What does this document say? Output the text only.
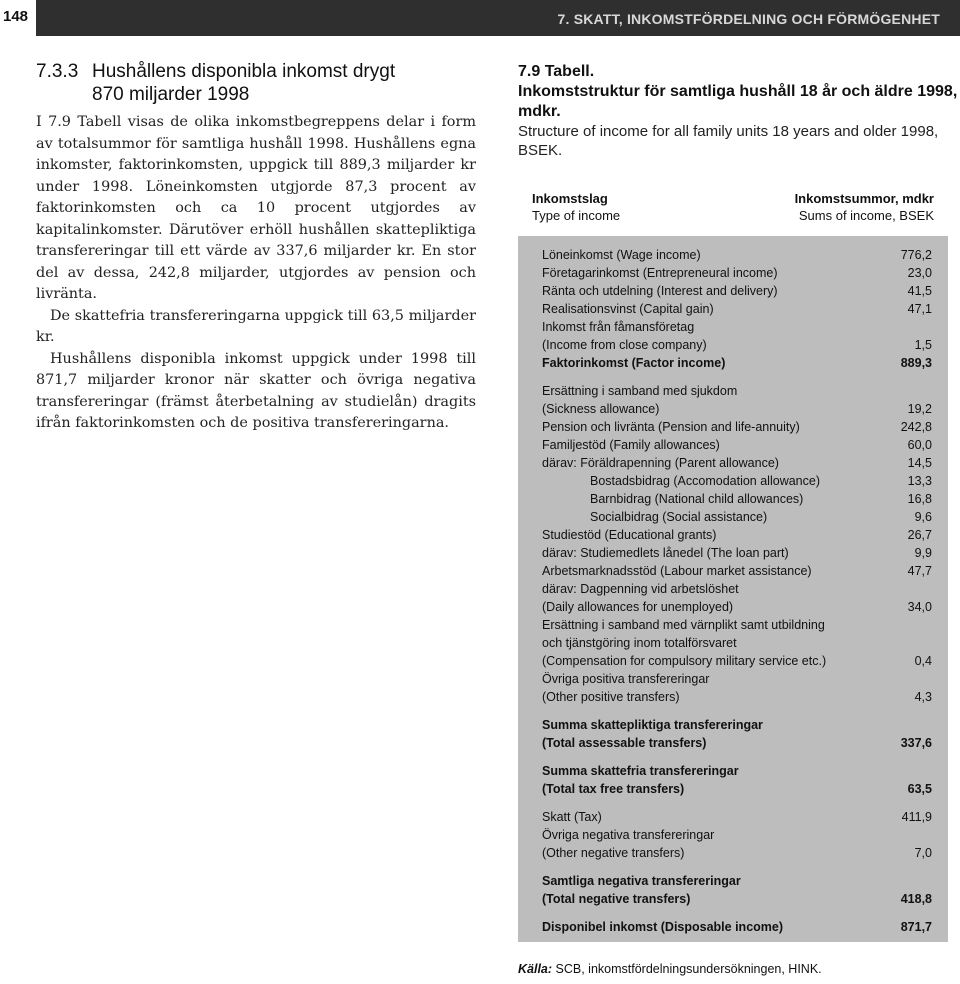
148	7. SKATT, INKOMSTFÖRDELNING OCH FÖRMÖGENHET
7.3.3 Hushållens disponibla inkomst drygt
870 miljarder 1998

I 7.9 Tabell visas de olika inkomstbegreppens delar i form av totalsummor för samtliga hushåll 1998. Hushållens egna inkomster, faktorinkomsten, uppgick till 889,3 miljarder kr under 1998. Löneinkomsten utgjorde 87,3 procent av faktorinkomsten och ca 10 procent utgjordes av kapitalinkomster. Därutöver erhöll hushållen skattepliktiga transfereringar till ett värde av 337,6 miljarder kr. En stor del av dessa, 242,8 miljarder, utgjordes av pension och livränta.

De skattefria transfereringarna uppgick till 63,5 miljarder kr.

Hushållens disponibla inkomst uppgick under 1998 till 871,7 miljarder kronor när skatter och övriga negativa transfereringar (främst återbetalning av studielån) dragits ifrån faktorinkomsten och de positiva transfereringarna.

7.9 Tabell.
Inkomststruktur för samtliga hushåll 18 år och äldre 1998, mdkr.
Structure of income for all family units 18 years and older 1998, BSEK.
Inkomstslag
Type of income
Inkomstsummor, mdkr
Sums of income, BSEK
Löneinkomst (Wage income)	776,2
Företagarinkomst (Entrepreneural income)	23,0
Ränta och utdelning (Interest and delivery)	41,5
Realisationsvinst (Capital gain)	47,1
Inkomst från fåmansföretag
(Income from close company)	1,5
Faktorinkomst (Factor income)	889,3
Ersättning i samband med sjukdom
(Sickness allowance)	19,2
Pension och livränta (Pension and life-annuity)	242,8
Familjestöd (Family allowances)	60,0
därav: Föräldrapenning (Parent allowance)	14,5
Bostadsbidrag (Accomodation allowance)	13,3
Barnbidrag (National child allowances)	16,8
Socialbidrag (Social assistance)	9,6
Studiestöd (Educational grants)	26,7
därav: Studiemedlets lånedel (The loan part)	9,9
Arbetsmarknadsstöd (Labour market assistance)	47,7
därav: Dagpenning vid arbetslöshet
(Daily allowances for unemployed)	34,0
Ersättning i samband med värnplikt samt utbildning
och tjänstgöring inom totalförsvaret
(Compensation for compulsory military service etc.)	0,4
Övriga positiva transfereringar
(Other positive transfers)	4,3
Summa skattepliktiga transfereringar
(Total assessable transfers)	337,6
Summa skattefria transfereringar
(Total tax free transfers)	63,5
Skatt (Tax)	411,9
Övriga negativa transfereringar
(Other negative transfers)	7,0
Samtliga negativa transfereringar
(Total negative transfers)	418,8
Disponibel inkomst (Disposable income)	871,7
Källa: SCB, inkomstfördelningsundersökningen, HINK.
